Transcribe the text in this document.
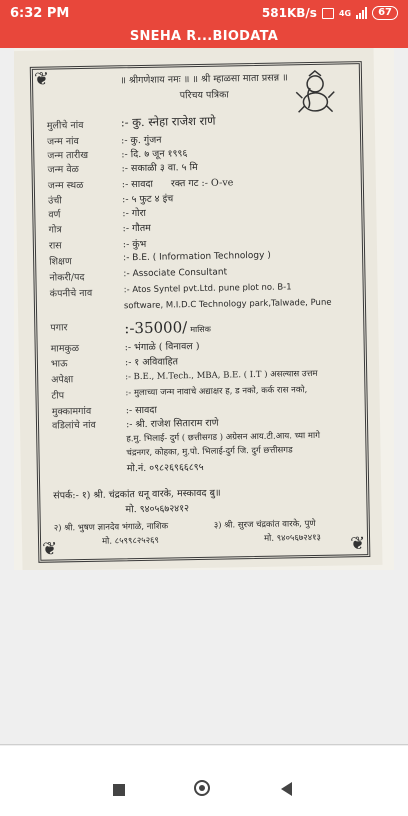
6:32 PM	581KB/s	4G	67
SNEHA R...BIODATA
❦
❦	❦
॥ श्रीगणेशाय नमः ॥ ॥ श्री म्हाळसा माता प्रसन्न ॥
परिचय पत्रिका
मुलीचे नांव	:- कु. स्नेहा राजेश राणे
जन्म नांव	:- कु. गुंजन
जन्म तारीख	:- दि. ७ जून १९९६
जन्म वेळ	:- सकाळी ३ वा. ५ मि
जन्म स्थळ	:- सावदा रक्त गट :- O-ve
उंची	:- ५ फुट ४ इंच
वर्ण	:- गोरा
गोत्र	:- गौतम
रास	:- कुंभ
शिक्षण	:- B.E. ( Information Technology )
नोकरी/पद	:- Associate Consultant
कंपनीचे नाव	:- Atos Syntel pvt.Ltd. pune plot no. B-1
software, M.I.D.C Technology park,Talwade, Pune
पगार	:-35000/ मासिक
मामकुळ	:- भंगाळे ( विनावल )
भाऊ	:- १ अविवाहित
अपेक्षा	:- B.E., M.Tech., MBA, B.E. ( I.T ) असल्यास उत्तम
टीप	:- मुलाच्या जन्म नावाचे अद्याक्षर ह, ड नको, कर्क रास नको,
मुक्कामगांव	:- सावदा
वडिलांचे नांव	:- श्री. राजेश सिताराम राणे
ह.मु. भिलाई- दुर्ग ( छत्तीसगड ) अग्रेसन आय.टी.आय. च्या मागे
चंद्रनगर, कोहका, मु.पो. भिलाई-दुर्ग जि. दुर्ग छत्तीसगड
मो.नं. ०९८२६९६६८९५
संपर्क:- १) श्री. चंद्रकांत धनू वारके, मस्कावद बु॥
मो. ९४०५६७२४१२
२) श्री. भुषण ज्ञानदेव भंगाळे, नाशिक
मो. ८५९९८२५२६९
३) श्री. सुरज चंद्रकांत वारके, पुणे
मो. ९४०५६७२४१३
